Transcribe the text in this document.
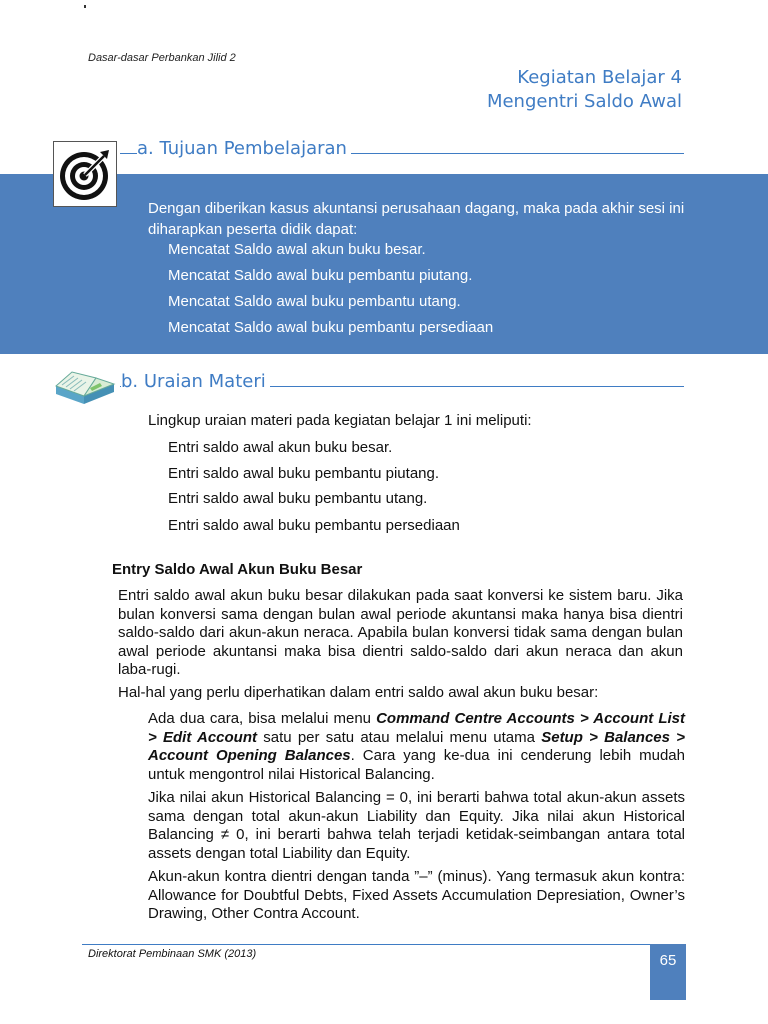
Dasar-dasar Perbankan Jilid 2
Kegiatan Belajar 4
Mengentri Saldo Awal
a. Tujuan Pembelajaran
Dengan diberikan kasus akuntansi perusahaan dagang, maka pada akhir sesi ini diharapkan peserta didik dapat:
Mencatat Saldo awal akun buku besar.
Mencatat Saldo awal buku pembantu piutang.
Mencatat Saldo awal buku pembantu utang.
Mencatat Saldo awal buku pembantu persediaan
b. Uraian Materi
Lingkup uraian materi pada kegiatan belajar 1 ini meliputi:
Entri saldo awal akun buku besar.
Entri saldo awal buku pembantu piutang.
Entri saldo awal buku pembantu utang.
Entri saldo awal buku pembantu persediaan
Entry Saldo Awal Akun Buku Besar
Entri saldo awal akun buku besar dilakukan pada saat konversi ke sistem baru. Jika bulan konversi sama dengan bulan awal periode akuntansi maka hanya bisa dientri saldo-saldo dari akun-akun neraca. Apabila bulan konversi tidak sama dengan bulan awal periode akuntansi maka bisa dientri saldo-saldo dari akun neraca dan akun laba-rugi.
Hal-hal yang perlu diperhatikan dalam entri saldo awal akun buku besar:
Ada dua cara, bisa melalui menu Command Centre Accounts > Account List > Edit Account satu per satu atau melalui menu utama Setup > Balances > Account Opening Balances. Cara yang ke-dua ini cenderung lebih mudah untuk mengontrol nilai Historical Balancing.
Jika nilai akun Historical Balancing = 0, ini berarti bahwa total akun-akun assets sama dengan total akun-akun Liability dan Equity. Jika nilai akun Historical Balancing ≠ 0, ini berarti bahwa telah terjadi ketidak-seimbangan antara total assets dengan total Liability dan Equity.
Akun-akun kontra dientri dengan tanda ”–” (minus). Yang termasuk akun kontra: Allowance for Doubtful Debts, Fixed Assets Accumulation Depresiation, Owner’s Drawing, Other Contra Account.
Direktorat Pembinaan SMK (2013)	65
